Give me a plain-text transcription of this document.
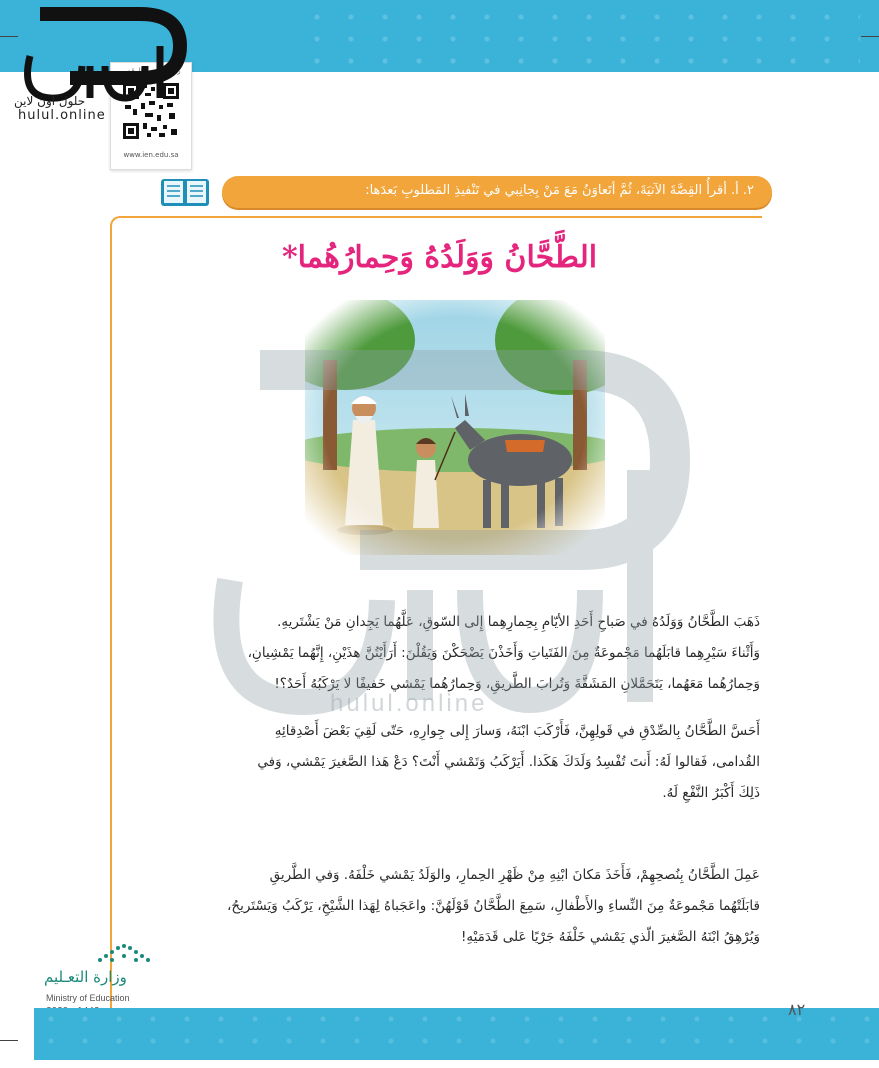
رابط الدرس الرقمي
www.ien.edu.sa
حلول اون لاين
hulul.online
٢. أ. أقرأُ القِصَّةَ الآتيَةَ، ثُمَّ أتَعاوَنُ مَعَ مَنْ بِجانِبي في تَنْفيذِ المَطلوبِ بَعدَها:
الطَّحَّانُ وَوَلَدُهُ وَحِمارُهُما*
ذَهَبَ الطَّحَّانُ وَوَلَدُهُ في صَباحِ أَحَدِ الأيّامِ بِحِمارِهِما إِلى السّوقِ، عَلَّهُما يَجِدانِ مَنْ يَشْتَريهِ.
وَأَثْناءَ سَيْرِهِما قابَلَهُما مَجْموعَةٌ مِنَ الفَتَياتِ وَأَخَذْنَ يَضْحَكْنَ وَيَقُلْنَ: أَرَأَيْتُنَّ هذَيْنِ، إِنَّهُما يَمْشِيانِ،
وَحِمارُهُما مَعَهُما، يَتَحَمَّلانِ المَشَقَّةَ وَتُرابَ الطَّريقِ، وَحِمارُهُما يَمْشي خَفيفًا لا يَرْكَبُهُ أَحَدٌ؟!
أَحَسَّ الطَّحَّانُ بِالصِّدْقِ في قَولِهِنَّ، فَأَرْكَبَ ابْنَهُ، وَسارَ إِلى جِوارِهِ، حَتّى لَقِيَ بَعْضَ أَصْدِقائِهِ
القُدامى، فَقالوا لَهُ: أَنتَ تُفْسِدُ وَلَدَكَ هَكَذا. أَيَرْكَبُ وَتَمْشي أَنْتَ؟ دَعْ هَذا الصَّغيرَ يَمْشي، وَفي
ذَلِكَ أَكْبَرُ النَّفْعِ لَهُ.
عَمِلَ الطَّحَّانُ بِنُصحِهِمْ، فَأَخَذَ مَكانَ ابْنِهِ مِنْ ظَهْرِ الحِمارِ، والوَلَدُ يَمْشي خَلْفَهُ. وَفي الطَّريقِ
قابَلَتْهُما مَجْموعَةٌ مِنَ النِّساءِ والأَطْفالِ، سَمِعَ الطَّحَّانُ قَوْلَهُنَّ: واعَجَباهُ لِهَذا الشَّيْخِ، يَرْكَبُ وَيَسْتَريحُ،
وَيُرْهِقُ ابْنَهُ الصَّغيرَ الّذي يَمْشي خَلْفَهُ جَرْيًا عَلى قَدَمَيْهِ!
hulul.online
وزارة التعـليم
Ministry of Education
٨٢
